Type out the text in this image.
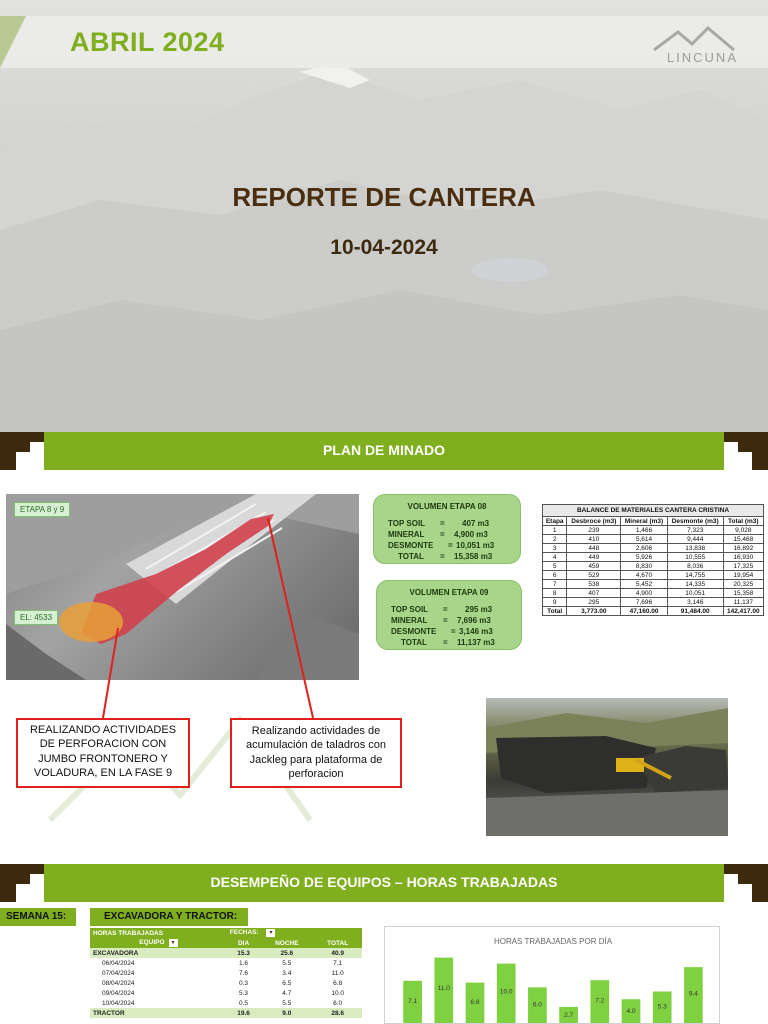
ABRIL 2024
LINCUNA
REPORTE DE CANTERA
10-04-2024
PLAN DE MINADO
ETAPA 8 y 9
EL: 4533
VOLUMEN ETAPA 08
TOP SOIL = 407 m3
MINERAL = 4,900 m3
DESMONTE = 10,051 m3
TOTAL = 15,358 m3
VOLUMEN ETAPA 09
TOP SOIL = 295 m3
MINERAL = 7,696 m3
DESMONTE = 3,146 m3
TOTAL = 11,137 m3
BALANCE DE MATERIALES CANTERA CRISTINA				
Etapa	Desbroce (m3)	Mineral (m3)	Desmonte (m3)	Total (m3)
1	239	1,466	7,323	9,028
2	410	5,614	9,444	15,468
3	448	2,606	13,838	16,892
4	449	5,926	10,555	16,930
5	459	8,830	8,036	17,325
6	529	4,670	14,755	19,954
7	538	5,452	14,335	20,325
8	407	4,900	10,051	15,358
9	295	7,696	3,146	11,137
Total	3,773.00	47,160.00	91,484.00	142,417.00
REALIZANDO ACTIVIDADES DE PERFORACION CON JUMBO FRONTONERO Y VOLADURA, EN LA FASE 9
Realizando actividades de acumulación de taladros con Jackleg para plataforma de perforacion
DESEMPEÑO DE EQUIPOS – HORAS TRABAJADAS
SEMANA 15:	EXCAVADORA Y TRACTOR:
HORAS TRABAJADAS	FECHAS: ▾		
EQUIPO ▾	DIA	NOCHE	TOTAL
EXCAVADORA	15.3	25.6	40.9
06/04/2024	1.6	5.5	7.1
07/04/2024	7.6	3.4	11.0
08/04/2024	0.3	6.5	6.8
09/04/2024	5.3	4.7	10.0
10/04/2024	0.5	5.5	6.0
TRACTOR	19.6	9.0	28.6
HORAS TRABAJADAS POR DÍA
7.1
11.0
6.8
10.0
6.0
2.7
7.2
4.0
5.3
9.4
